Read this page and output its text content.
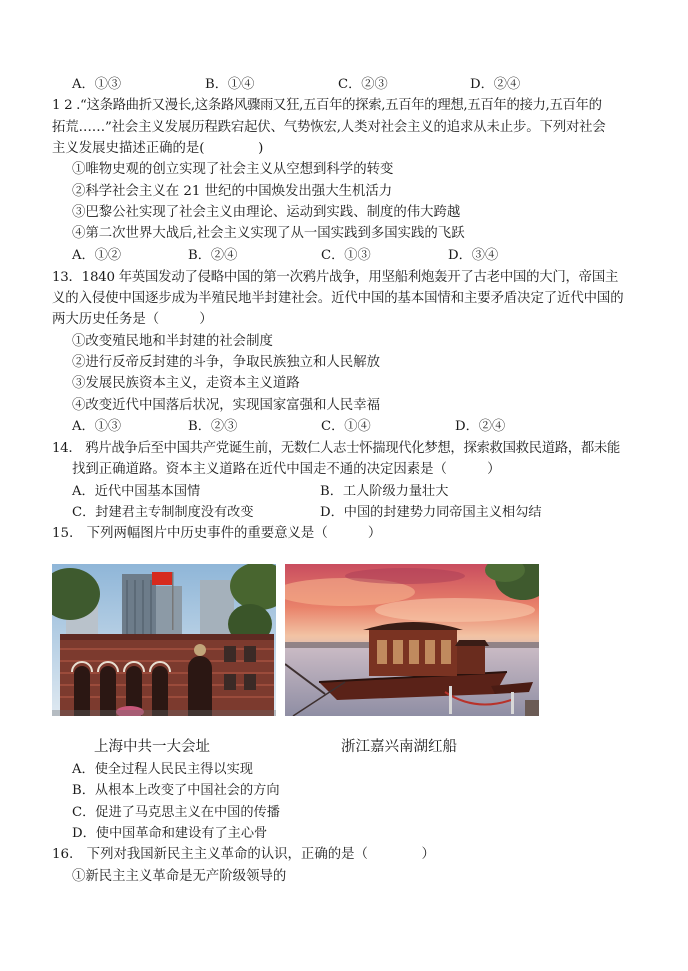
A．①③	B．①④	C．②③	D．②④
1 2 .“这条路曲折又漫长,这条路风骤雨又狂,五百年的探索,五百年的理想,五百年的接力,五百年的
拓荒……”社会主义发展历程跌宕起伏、气势恢宏,人类对社会主义的追求从未止步。下列对社会
主义发展史描述正确的是(　　　　)
①唯物史观的创立实现了社会主义从空想到科学的转变
②科学社会主义在 21 世纪的中国焕发出强大生机活力
③巴黎公社实现了社会主义由理论、运动到实践、制度的伟大跨越
④第二次世界大战后,社会主义实现了从一国实践到多国实践的飞跃
A．①②	B．②④	C．①③	D．③④
13．1840 年英国发动了侵略中国的第一次鸦片战争，用坚船利炮轰开了古老中国的大门，帝国主
义的入侵使中国逐步成为半殖民地半封建社会。近代中国的基本国情和主要矛盾决定了近代中国的
两大历史任务是（　　　）
①改变殖民地和半封建的社会制度
②进行反帝反封建的斗争，争取民族独立和人民解放
③发展民族资本主义，走资本主义道路
④改变近代中国落后状况，实现国家富强和人民幸福
A．①③	B．②③	C．①④	D．②④
14.　鸦片战争后至中国共产党诞生前，无数仁人志士怀揣现代化梦想，探索救国救民道路，都未能
找到正确道路。资本主义道路在近代中国走不通的决定因素是（　　　）
A．近代中国基本国情	B．工人阶级力量壮大
C．封建君主专制制度没有改变	D．中国的封建势力同帝国主义相勾结
15.　下列两幅图片中历史事件的重要意义是（　　　）
上海中共一大会址	浙江嘉兴南湖红船
A．使全过程人民民主得以实现
B．从根本上改变了中国社会的方向
C．促进了马克思主义在中国的传播
D．使中国革命和建设有了主心骨
16.　下列对我国新民主主义革命的认识，正确的是（　　　　）
①新民主主义革命是无产阶级领导的
